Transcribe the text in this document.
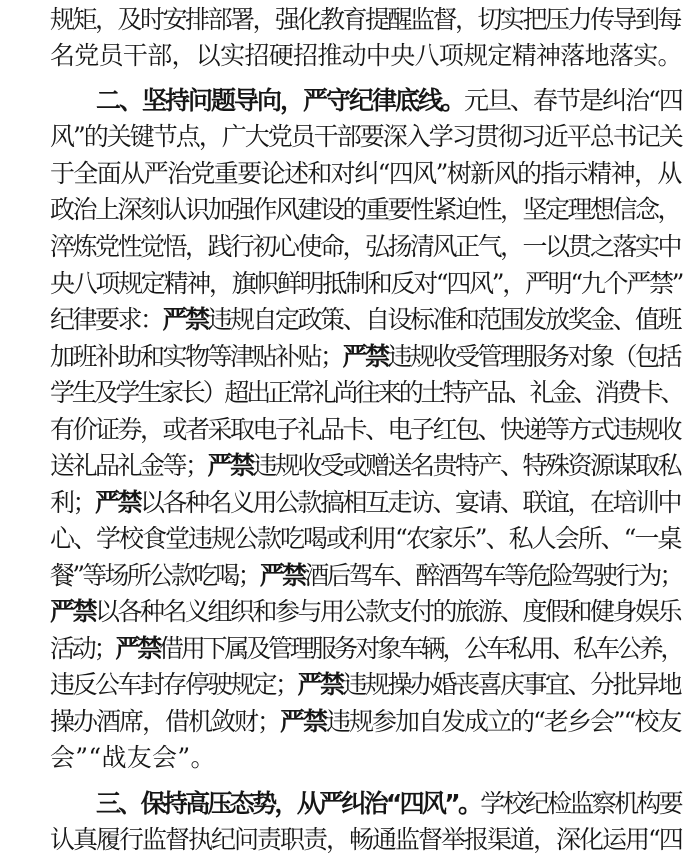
规矩，及时安排部署，强化教育提醒监督，切实把压力传导到每
名党员干部，以实招硬招推动中央八项规定精神落地落实。
二、坚持问题导向，严守纪律底线。元旦、春节是纠治“四
风”的关键节点，广大党员干部要深入学习贯彻习近平总书记关
于全面从严治党重要论述和对纠“四风”树新风的指示精神，从
政治上深刻认识加强作风建设的重要性紧迫性，坚定理想信念，
淬炼党性觉悟，践行初心使命，弘扬清风正气，一以贯之落实中
央八项规定精神，旗帜鲜明抵制和反对“四风”，严明“九个严禁”
纪律要求：严禁违规自定政策、自设标准和范围发放奖金、值班
加班补助和实物等津贴补贴；严禁违规收受管理服务对象（包括
学生及学生家长）超出正常礼尚往来的土特产品、礼金、消费卡、
有价证券，或者采取电子礼品卡、电子红包、快递等方式违规收
送礼品礼金等；严禁违规收受或赠送名贵特产、特殊资源谋取私
利；严禁以各种名义用公款搞相互走访、宴请、联谊，在培训中
心、学校食堂违规公款吃喝或利用“农家乐”、私人会所、“一桌
餐”等场所公款吃喝；严禁酒后驾车、醉酒驾车等危险驾驶行为；
严禁以各种名义组织和参与用公款支付的旅游、度假和健身娱乐
活动；严禁借用下属及管理服务对象车辆，公车私用、私车公养，
违反公车封存停驶规定；严禁违规操办婚丧喜庆事宜、分批异地
操办酒席，借机敛财；严禁违规参加自发成立的“老乡会”“校友
会”“战友会”。
三、保持高压态势，从严纠治“四风”。学校纪检监察机构要
认真履行监督执纪问责职责，畅通监督举报渠道，深化运用“四
